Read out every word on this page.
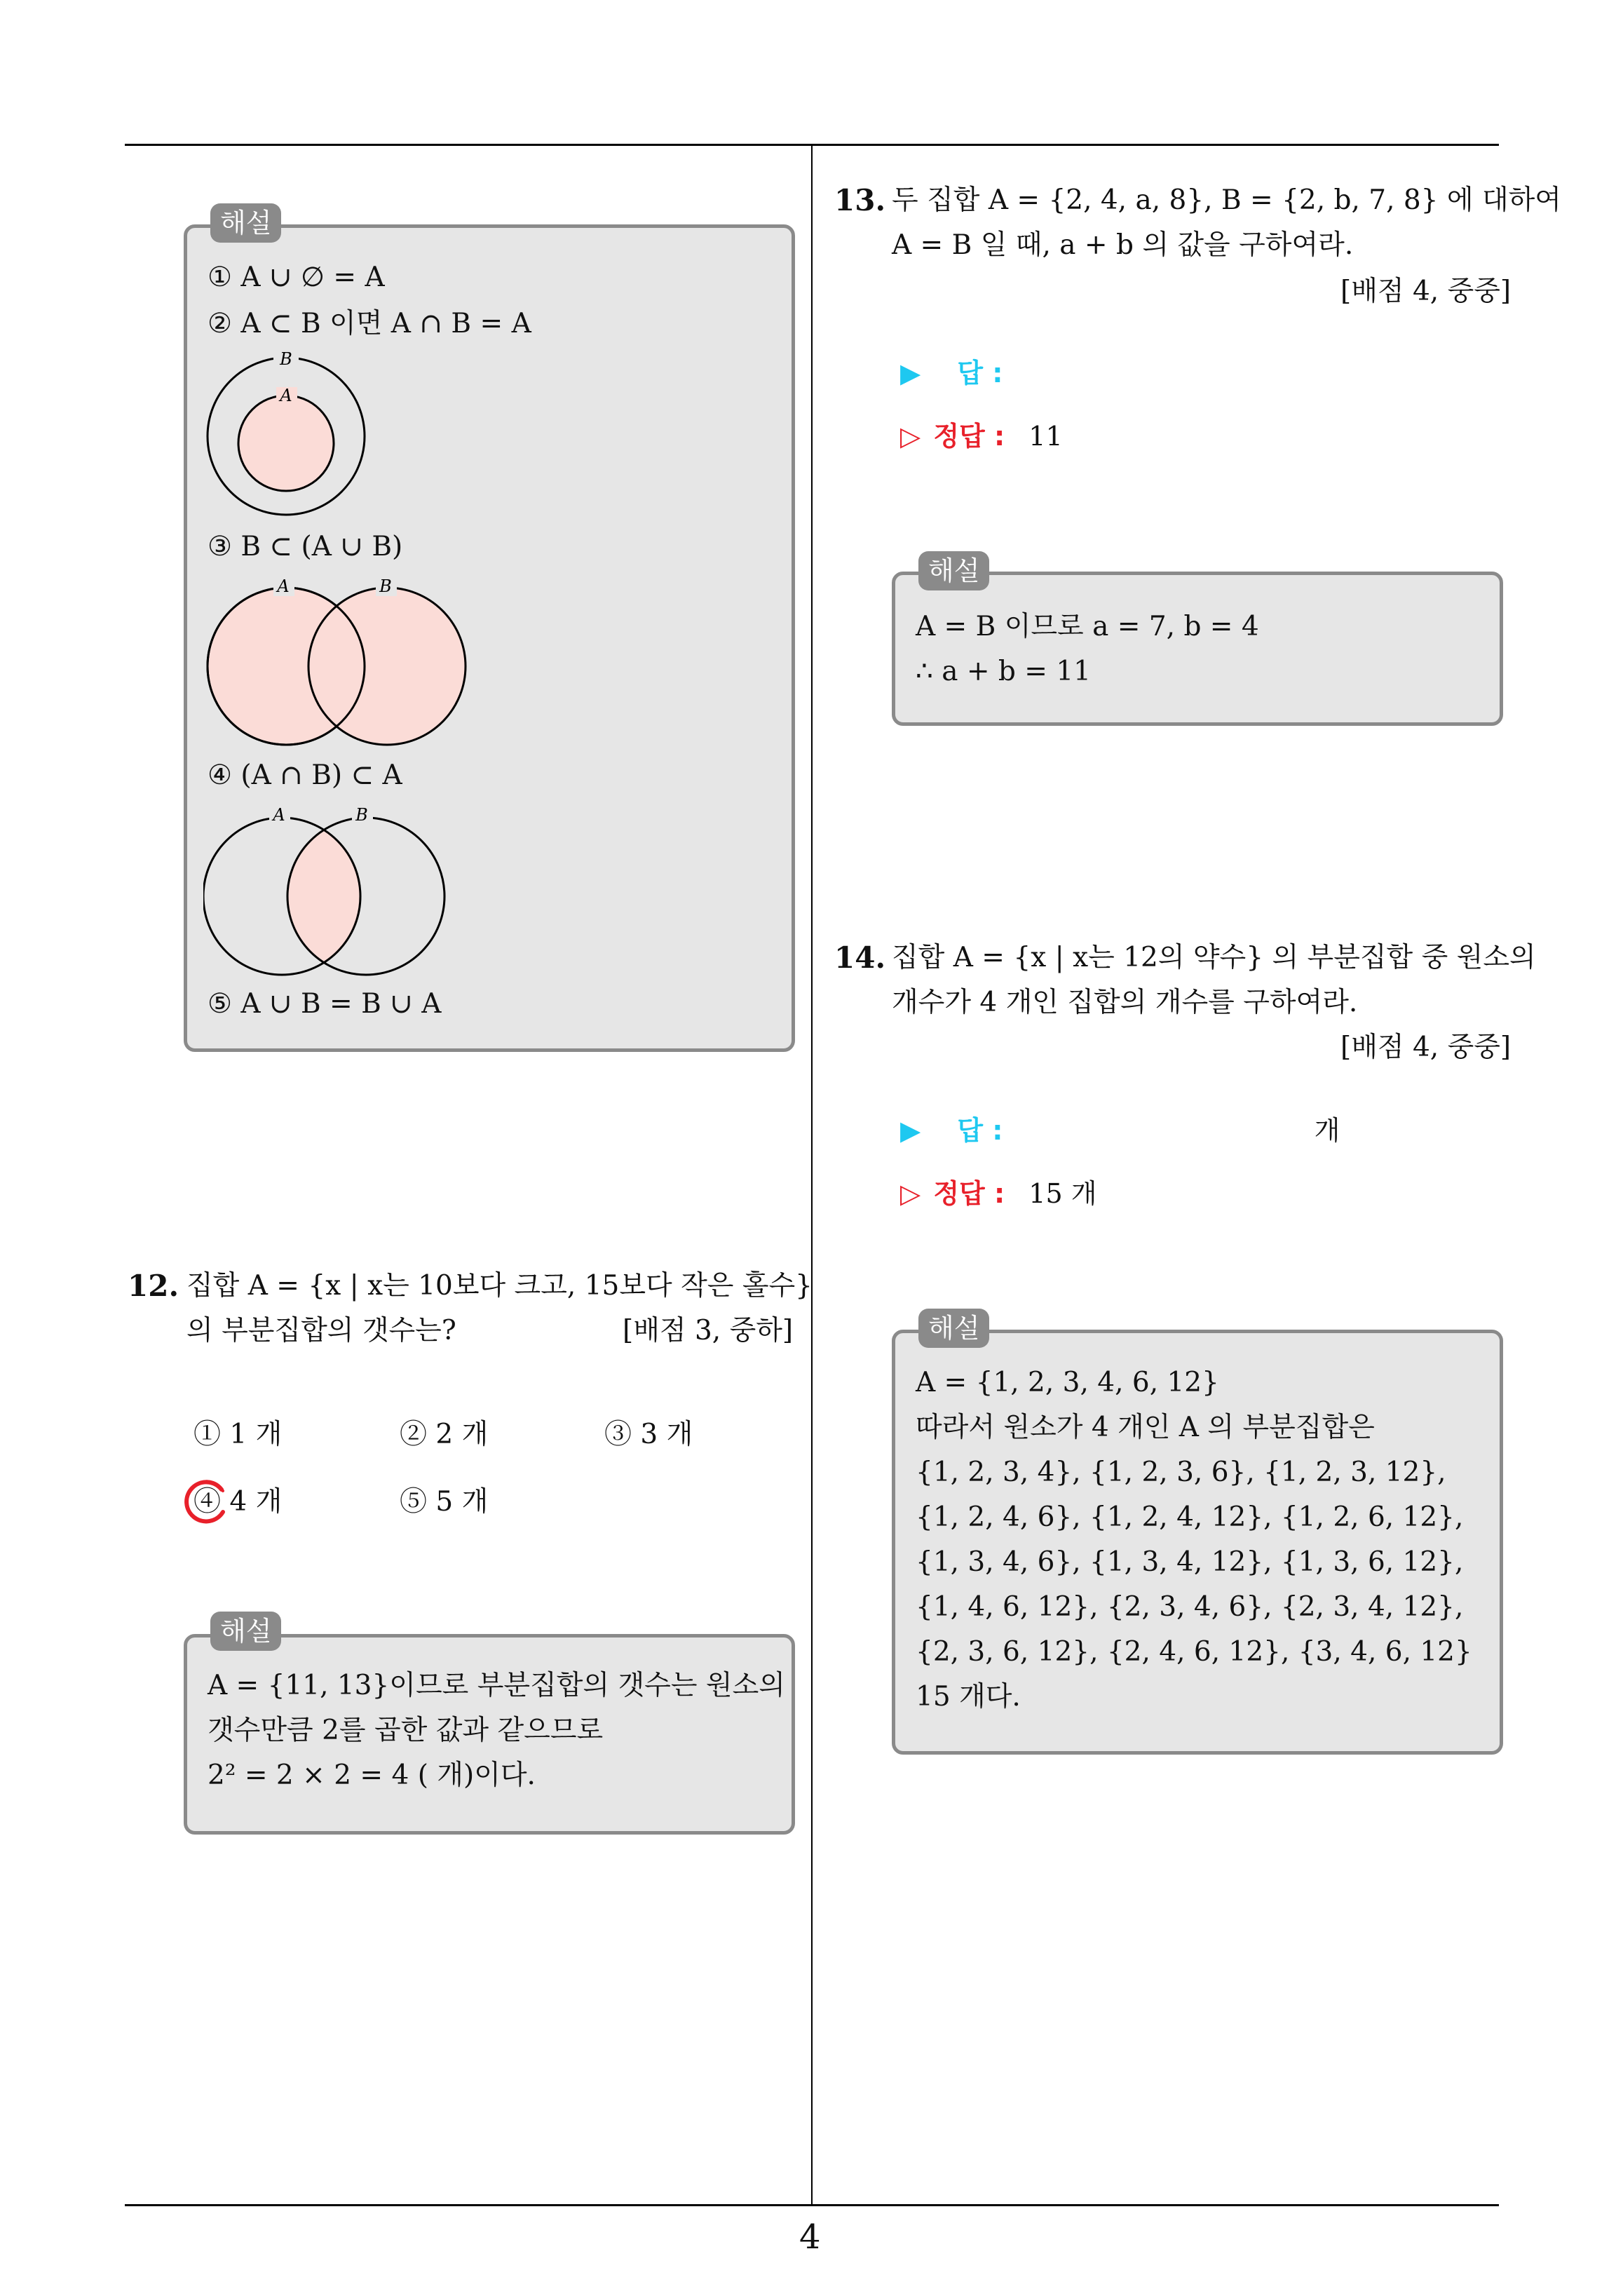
4
해설
① A ∪ ∅ = A
② A ⊂ B 이면 A ∩ B = A
B
A
③ B ⊂ (A ∪ B)
A	B
④ (A ∩ B) ⊂ A
A	B
⑤ A ∪ B = B ∪ A
12. 집합 A = {x | x는 10보다 크고, 15보다 작은 홀수}
의 부분집합의 갯수는?	[배점 3, 중하]
① 1 개	② 2 개	③ 3 개
④ 4 개	⑤ 5 개
해설
A = {11, 13}이므로 부분집합의 갯수는 원소의
갯수만큼 2를 곱한 값과 같으므로
2² = 2 × 2 = 4 ( 개)이다.
13. 두 집합 A = {2, 4, a, 8}, B = {2, b, 7, 8} 에 대하여
A = B 일 때, a + b 의 값을 구하여라.
[배점 4, 중중]
▶ 답 :
▷ 정답 : 11
해설
A = B 이므로 a = 7, b = 4
∴ a + b = 11
14. 집합 A = {x | x는 12의 약수} 의 부분집합 중 원소의
개수가 4 개인 집합의 개수를 구하여라.
[배점 4, 중중]
▶ 답 :	개
▷ 정답 : 15 개
해설
A = {1, 2, 3, 4, 6, 12}
따라서 원소가 4 개인 A 의 부분집합은
{1, 2, 3, 4}, {1, 2, 3, 6}, {1, 2, 3, 12},
{1, 2, 4, 6}, {1, 2, 4, 12}, {1, 2, 6, 12},
{1, 3, 4, 6}, {1, 3, 4, 12}, {1, 3, 6, 12},
{1, 4, 6, 12}, {2, 3, 4, 6}, {2, 3, 4, 12},
{2, 3, 6, 12}, {2, 4, 6, 12}, {3, 4, 6, 12}
15 개다.
